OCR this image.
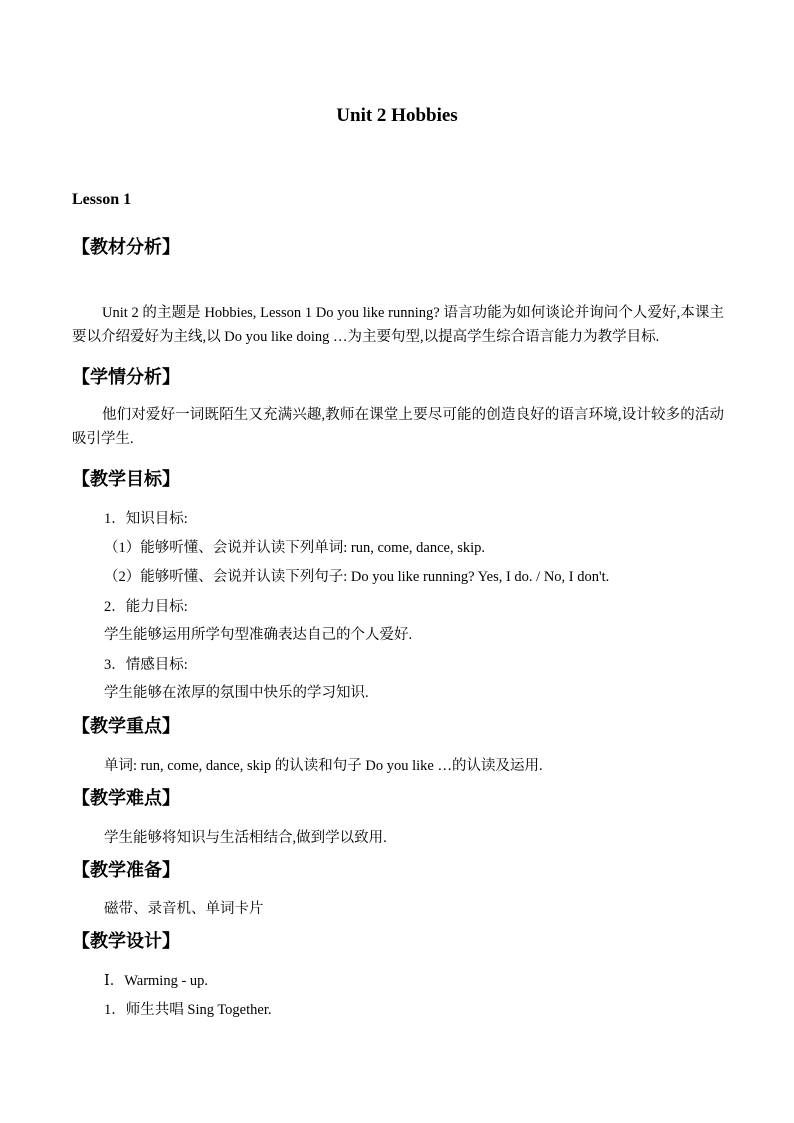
Unit 2 Hobbies
Lesson 1
【教材分析】
Unit 2 的主题是 Hobbies, Lesson 1 Do you like running? 语言功能为如何谈论并询问个人爱好,本课主要以介绍爱好为主线,以 Do you like doing …为主要句型,以提高学生综合语言能力为教学目标.
【学情分析】
他们对爱好一词既陌生又充满兴趣,教师在课堂上要尽可能的创造良好的语言环境,设计较多的活动吸引学生.
【教学目标】
1．知识目标:
（1）能够听懂、会说并认读下列单词: run, come, dance, skip.
（2）能够听懂、会说并认读下列句子: Do you like running? Yes, I do. / No, I don't.
2．能力目标:
学生能够运用所学句型准确表达自己的个人爱好.
3．情感目标:
学生能够在浓厚的氛围中快乐的学习知识.
【教学重点】
单词: run, come, dance, skip 的认读和句子 Do you like …的认读及运用.
【教学难点】
学生能够将知识与生活相结合,做到学以致用.
【教学准备】
磁带、录音机、单词卡片
【教学设计】
Ⅰ．Warming - up.
1．师生共唱 Sing Together.
